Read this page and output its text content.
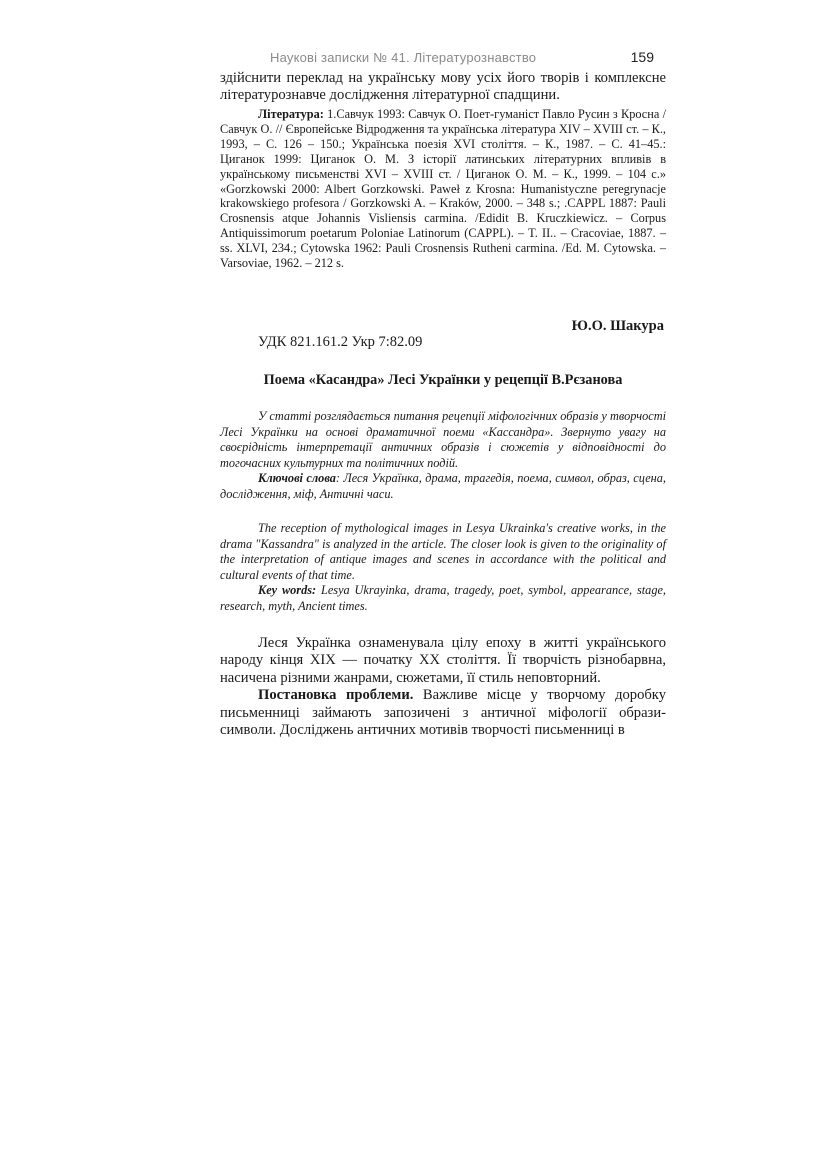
Наукові записки № 41. Літературознавство	159

здійснити переклад на українську мову усіх його творів і комплексне літературознавче дослідження літературної спадщини.

Література: 1.Савчук 1993: Савчук О. Поет-гуманіст Павло Русин з Кросна / Савчук О. // Європейське Відродження та українська література XIV – XVIII ст. – К., 1993, – С. 126 – 150.; Українська поезія XVI століття. – К., 1987. – С. 41–45.: Циганок 1999: Циганок О. М. З історії латинських літературних впливів в українському письменстві XVI – XVIII ст. / Циганок О. М. – К., 1999. – 104 с.» «Gorzkowski 2000: Albert Gorzkowski. Paweł z Krosna: Humanistyczne peregrynacje krakowskiego profesora / Gorzkowski A. – Kraków, 2000. – 348 s.; .CAPPL 1887: Pauli Crosnensis atque Johannis Visliensis carmina. /Edidit B. Kruczkiewicz. – Corpus Antiquissimorum poetarum Poloniae Latinorum (CAPPL). – T. II.. – Cracoviae, 1887. – ss. XLVI, 234.; Cytowska 1962: Pauli Crosnensis Rutheni carmina. /Ed. M. Cytowska. – Varsoviae, 1962. – 212 s.

Ю.О. Шакура
УДК 821.161.2 Укр 7:82.09
Поема «Касандра» Лесі Українки у рецепції В.Рєзанова

У статті розглядається питання рецепції міфологічних образів у творчості Лесі Українки на основі драматичної поеми «Кассандра». Звернуто увагу на своєрідність інтерпретації античних образів і сюжетів у відповідності до тогочасних культурних та політичних подій.

Ключові слова: Леся Українка, драма, трагедія, поема, символ, образ, сцена, дослідження, міф, Античні часи.

The reception of mythological images in Lesya Ukrainka's creative works, in the drama "Kassandra" is analyzed in the article. The closer look is given to the originality of the interpretation of antique images and scenes in accordance with the political and cultural events of that time.

Key words: Lesya Ukrayinka, drama, tragedy, poet, symbol, appearance, stage, research, myth, Ancient times.

Леся Українка ознаменувала цілу епоху в житті українського народу кінця XIX — початку XX століття. Її творчість різнобарвна, насичена різними жанрами, сюжетами, її стиль неповторний.

Постановка проблеми. Важливе місце у творчому доробку письменниці займають запозичені з античної міфології образи-символи. Досліджень античних мотивів творчості письменниці в
